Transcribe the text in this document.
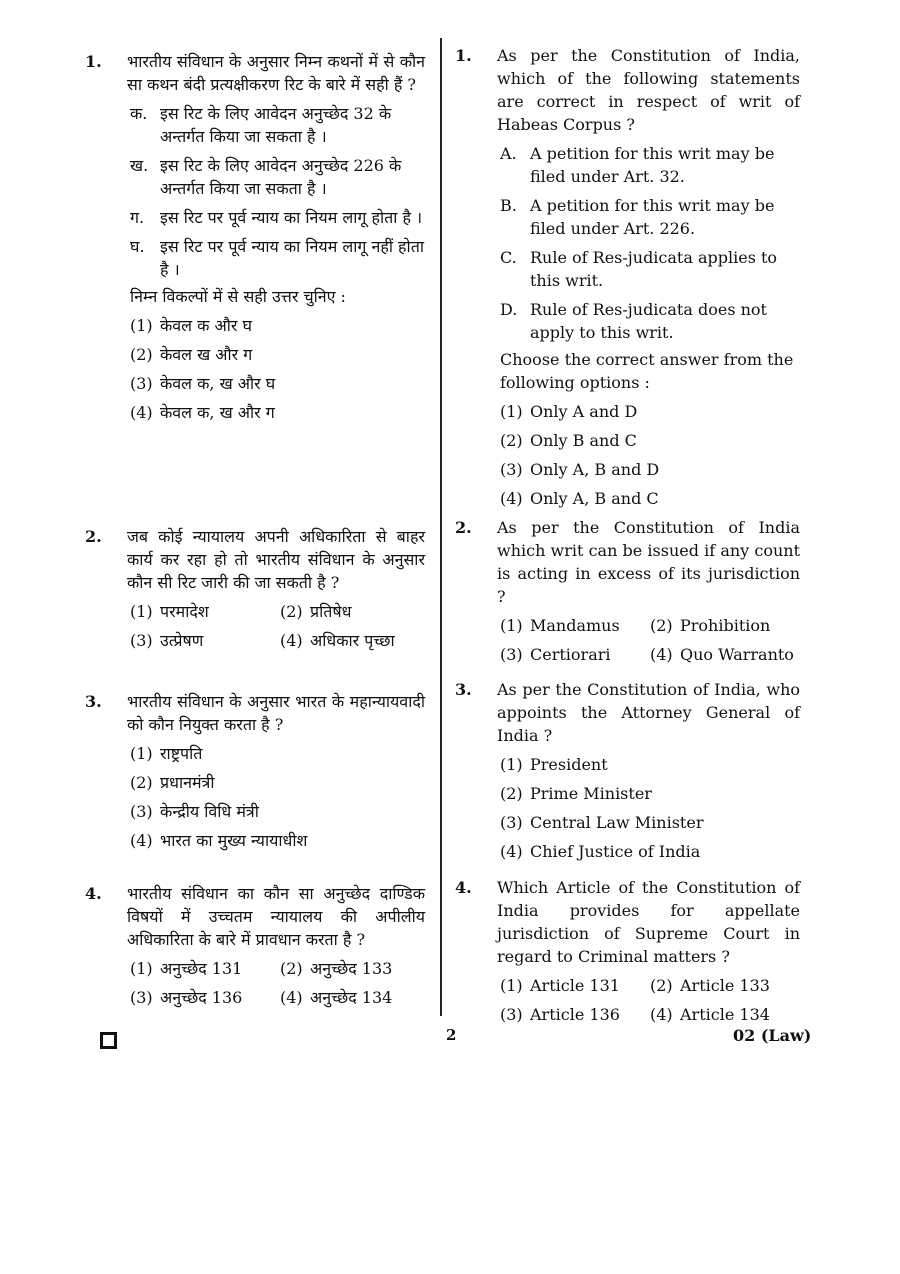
1.	भारतीय संविधान के अनुसार निम्न कथनों में से कौन सा कथन बंदी प्रत्यक्षीकरण रिट के बारे में सही हैं ?
क. इस रिट के लिए आवेदन अनुच्छेद 32 के अन्तर्गत किया जा सकता है ।
ख. इस रिट के लिए आवेदन अनुच्छेद 226 के अन्तर्गत किया जा सकता है ।
ग. इस रिट पर पूर्व न्याय का नियम लागू होता है ।
घ. इस रिट पर पूर्व न्याय का नियम लागू नहीं होता है ।
निम्न विकल्पों में से सही उत्तर चुनिए :
(1) केवल क और घ
(2) केवल ख और ग
(3) केवल क, ख और घ
(4) केवल क, ख और ग
2.	जब कोई न्यायालय अपनी अधिकारिता से बाहर कार्य कर रहा हो तो भारतीय संविधान के अनुसार कौन सी रिट जारी की जा सकती है ?
(1) परमादेश	(2) प्रतिषेध
(3) उत्प्रेषण	(4) अधिकार पृच्छा
3.	भारतीय संविधान के अनुसार भारत के महान्यायवादी को कौन नियुक्त करता है ?
(1) राष्ट्रपति
(2) प्रधानमंत्री
(3) केन्द्रीय विधि मंत्री
(4) भारत का मुख्य न्यायाधीश
4.	भारतीय संविधान का कौन सा अनुच्छेद दाण्डिक विषयों में उच्चतम न्यायालय की अपीलीय अधिकारिता के बारे में प्रावधान करता है ?
(1) अनुच्छेद 131	(2) अनुच्छेद 133
(3) अनुच्छेद 136	(4) अनुच्छेद 134
1.	As per the Constitution of India, which of the following statements are correct in respect of writ of Habeas Corpus ?
A. A petition for this writ may be filed under Art. 32.
B. A petition for this writ may be filed under Art. 226.
C. Rule of Res-judicata applies to this writ.
D. Rule of Res-judicata does not apply to this writ.
Choose the correct answer from the following options :
(1) Only A and D
(2) Only B and C
(3) Only A, B and D
(4) Only A, B and C
2.	As per the Constitution of India which writ can be issued if any count is acting in excess of its jurisdiction ?
(1) Mandamus	(2) Prohibition
(3) Certiorari	(4) Quo Warranto
3.	As per the Constitution of India, who appoints the Attorney General of India ?
(1) President
(2) Prime Minister
(3) Central Law Minister
(4) Chief Justice of India
4.	Which Article of the Constitution of India provides for appellate jurisdiction of Supreme Court in regard to Criminal matters ?
(1) Article 131	(2) Article 133
(3) Article 136	(4) Article 134
2	02 (Law)
